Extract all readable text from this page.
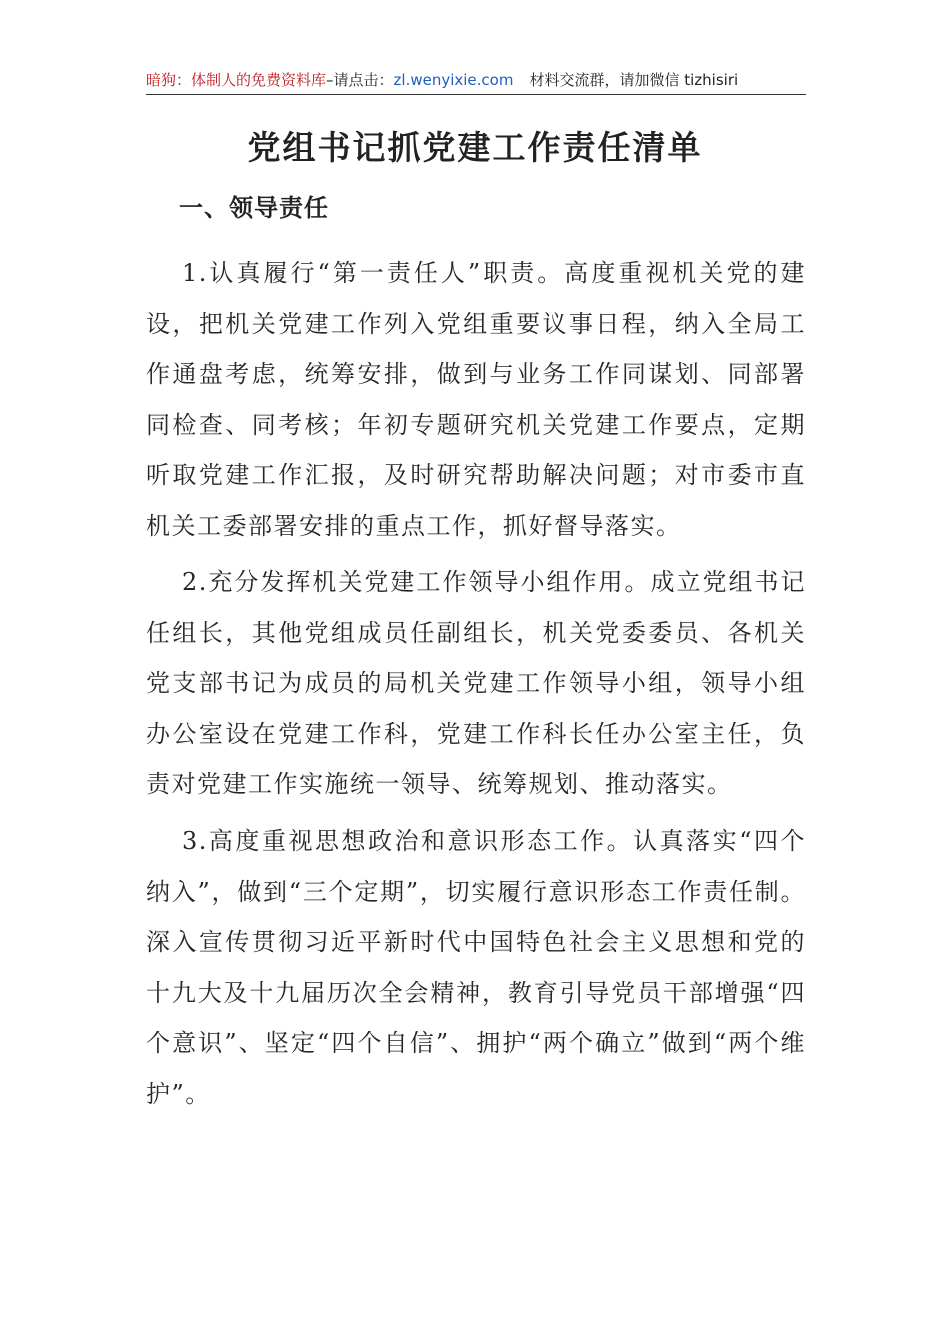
暗狗：体制人的免费资料库–请点击：zl.wenyixie.com 材料交流群，请加微信 tizhisiri
党组书记抓党建工作责任清单
一、领导责任
1.认真履行“第一责任人”职责。高度重视机关党的建设，把机关党建工作列入党组重要议事日程，纳入全局工作通盘考虑，统筹安排，做到与业务工作同谋划、同部署同检查、同考核；年初专题研究机关党建工作要点，定期听取党建工作汇报，及时研究帮助解决问题；对市委市直机关工委部署安排的重点工作，抓好督导落实。
2.充分发挥机关党建工作领导小组作用。成立党组书记任组长，其他党组成员任副组长，机关党委委员、各机关党支部书记为成员的局机关党建工作领导小组，领导小组办公室设在党建工作科，党建工作科长任办公室主任，负责对党建工作实施统一领导、统筹规划、推动落实。
3.高度重视思想政治和意识形态工作。认真落实“四个纳入”，做到“三个定期”，切实履行意识形态工作责任制。深入宣传贯彻习近平新时代中国特色社会主义思想和党的十九大及十九届历次全会精神，教育引导党员干部增强“四个意识”、坚定“四个自信”、拥护“两个确立”做到“两个维护”。
